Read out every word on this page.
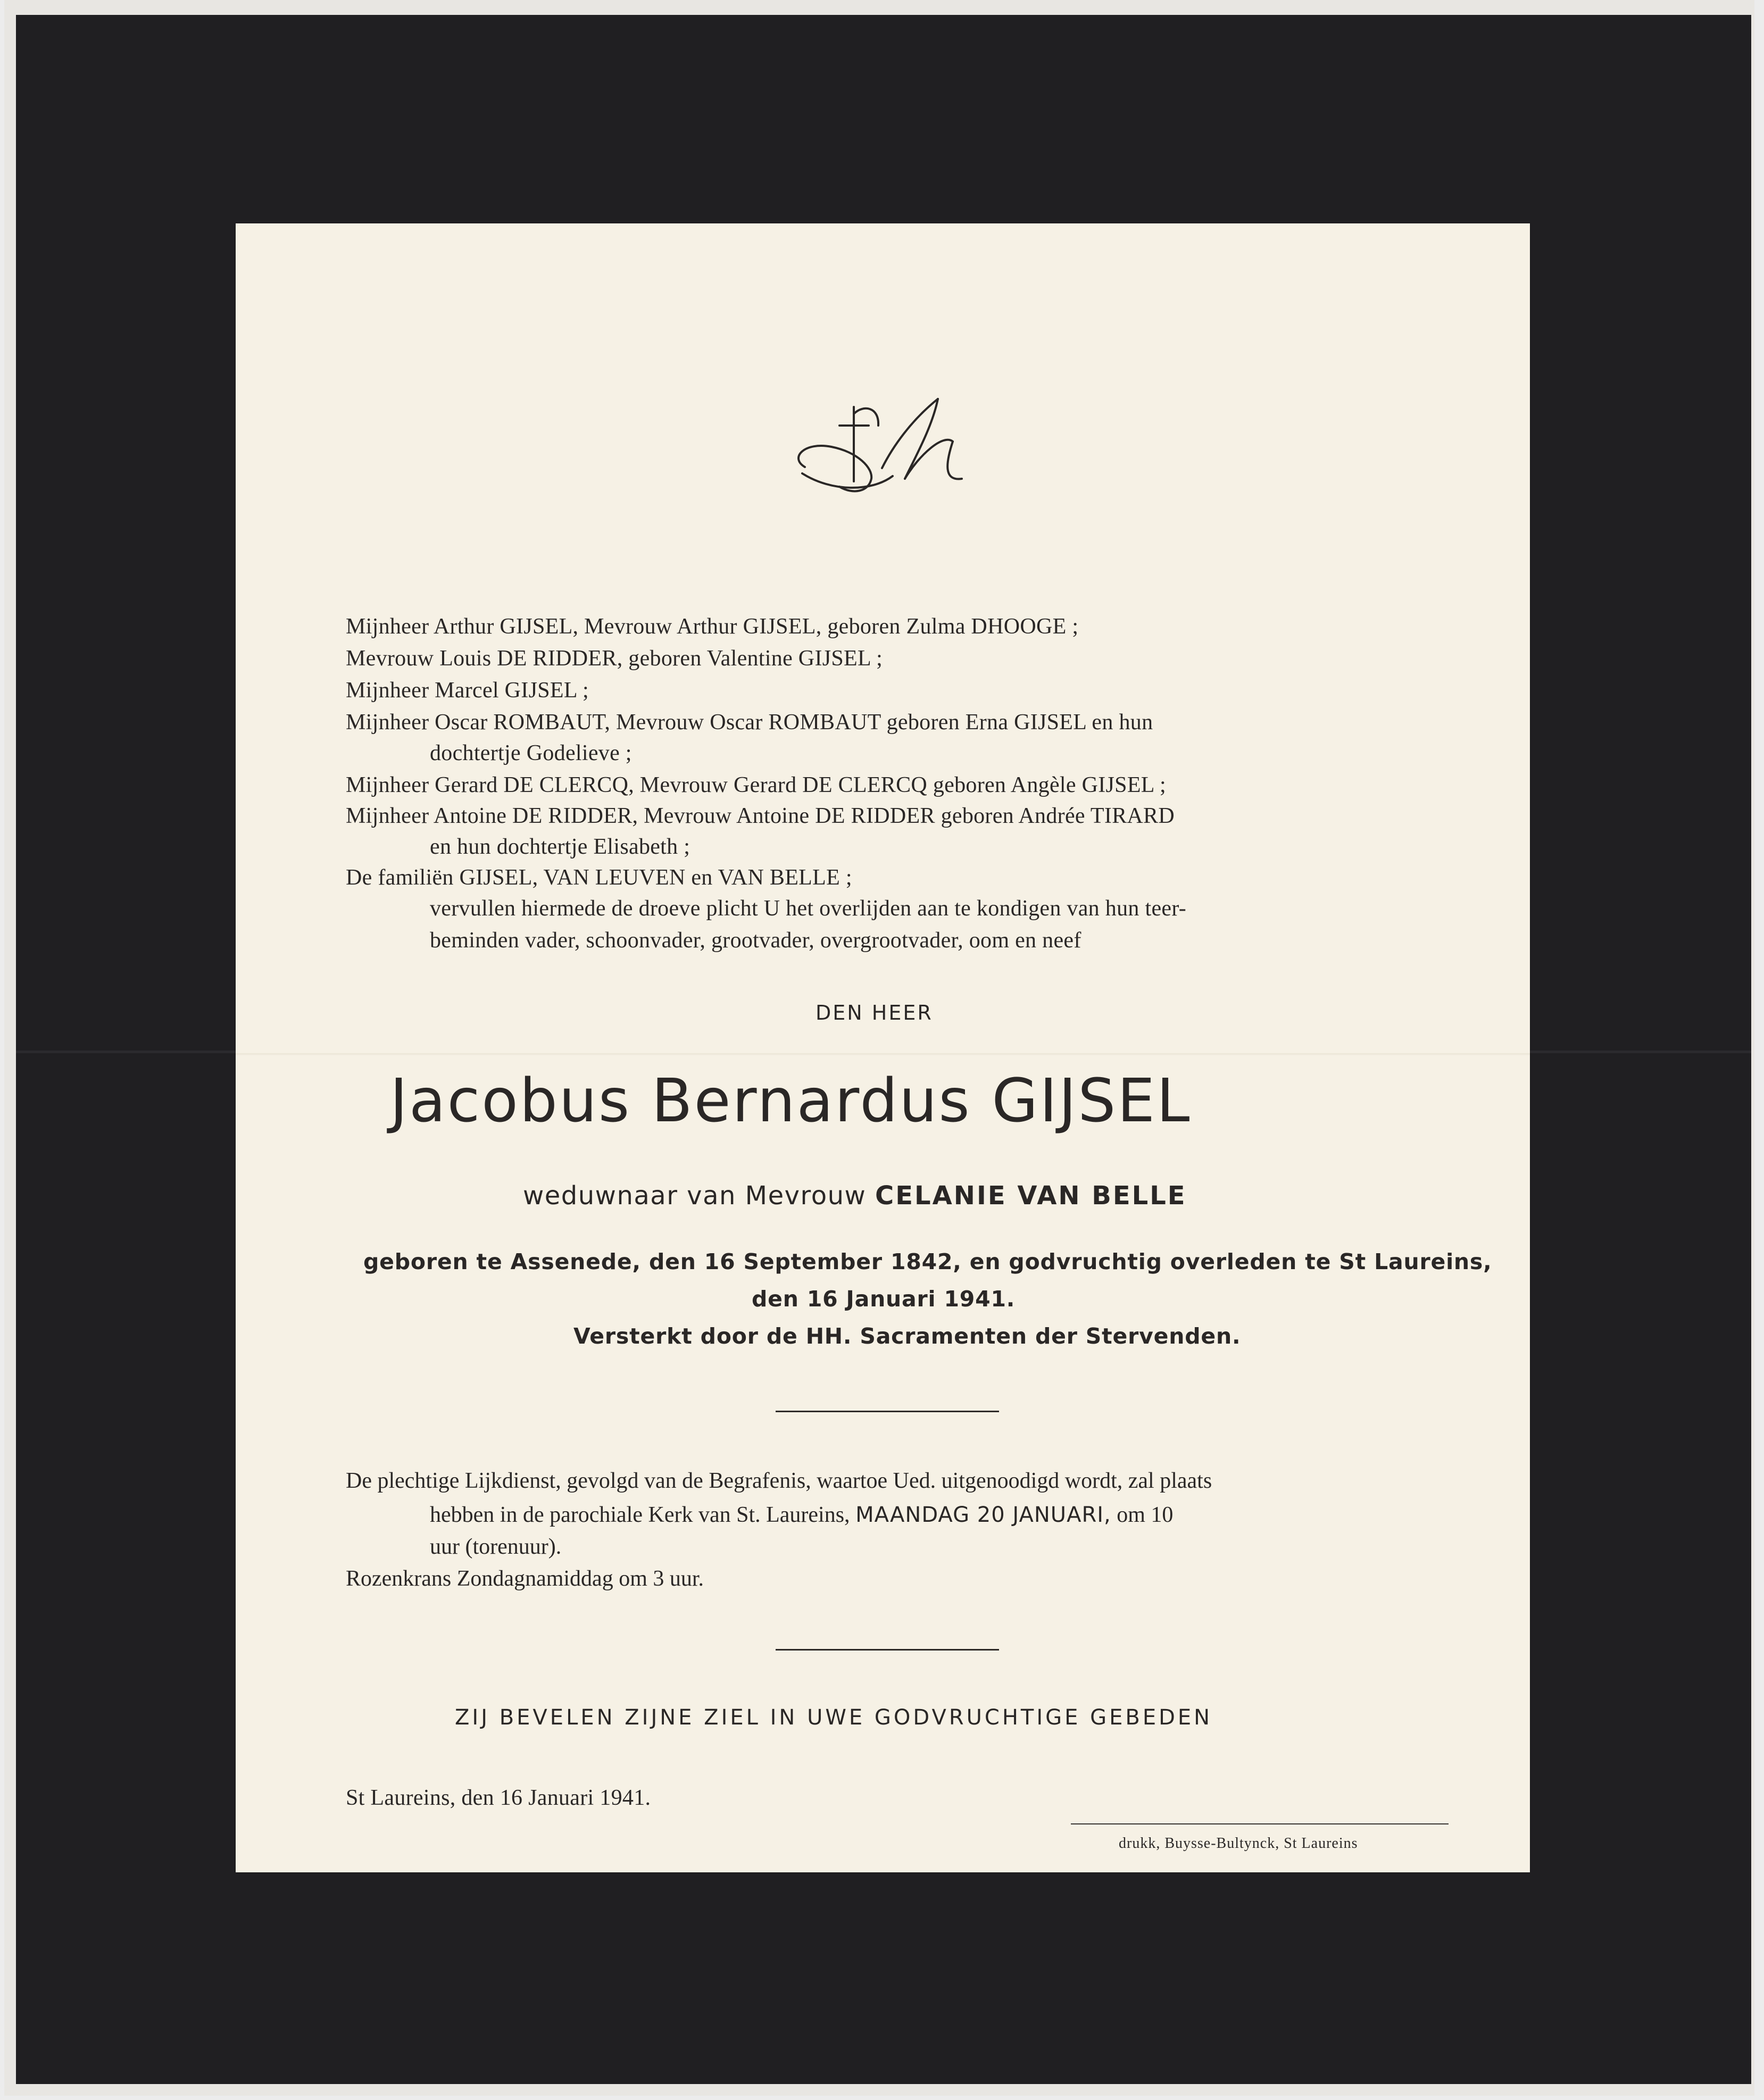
Mijnheer Arthur GIJSEL, Mevrouw Arthur GIJSEL, geboren Zulma DHOOGE ;
Mevrouw Louis DE RIDDER, geboren Valentine GIJSEL ;
Mijnheer Marcel GIJSEL ;
Mijnheer Oscar ROMBAUT, Mevrouw Oscar ROMBAUT geboren Erna GIJSEL en hun
dochtertje Godelieve ;
Mijnheer Gerard DE CLERCQ, Mevrouw Gerard DE CLERCQ geboren Angèle GIJSEL ;
Mijnheer Antoine DE RIDDER, Mevrouw Antoine DE RIDDER geboren Andrée TIRARD
en hun dochtertje Elisabeth ;
De familiën GIJSEL, VAN LEUVEN en VAN BELLE ;
vervullen hiermede de droeve plicht U het overlijden aan te kondigen van hun teer-
beminden vader, schoonvader, grootvader, overgrootvader, oom en neef
DEN HEER
Jacobus Bernardus GIJSEL
weduwnaar van Mevrouw CELANIE VAN BELLE
geboren te Assenede, den 16 September 1842, en godvruchtig overleden te St Laureins,
den 16 Januari 1941.
Versterkt door de HH. Sacramenten der Stervenden.
De plechtige Lijkdienst, gevolgd van de Begrafenis, waartoe Ued. uitgenoodigd wordt, zal plaats
hebben in de parochiale Kerk van St. Laureins, MAANDAG 20 JANUARI, om 10
uur (torenuur).
Rozenkrans Zondagnamiddag om 3 uur.
ZIJ BEVELEN ZIJNE ZIEL IN UWE GODVRUCHTIGE GEBEDEN
St Laureins, den 16 Januari 1941.
drukk, Buysse-Bultynck, St Laureins
